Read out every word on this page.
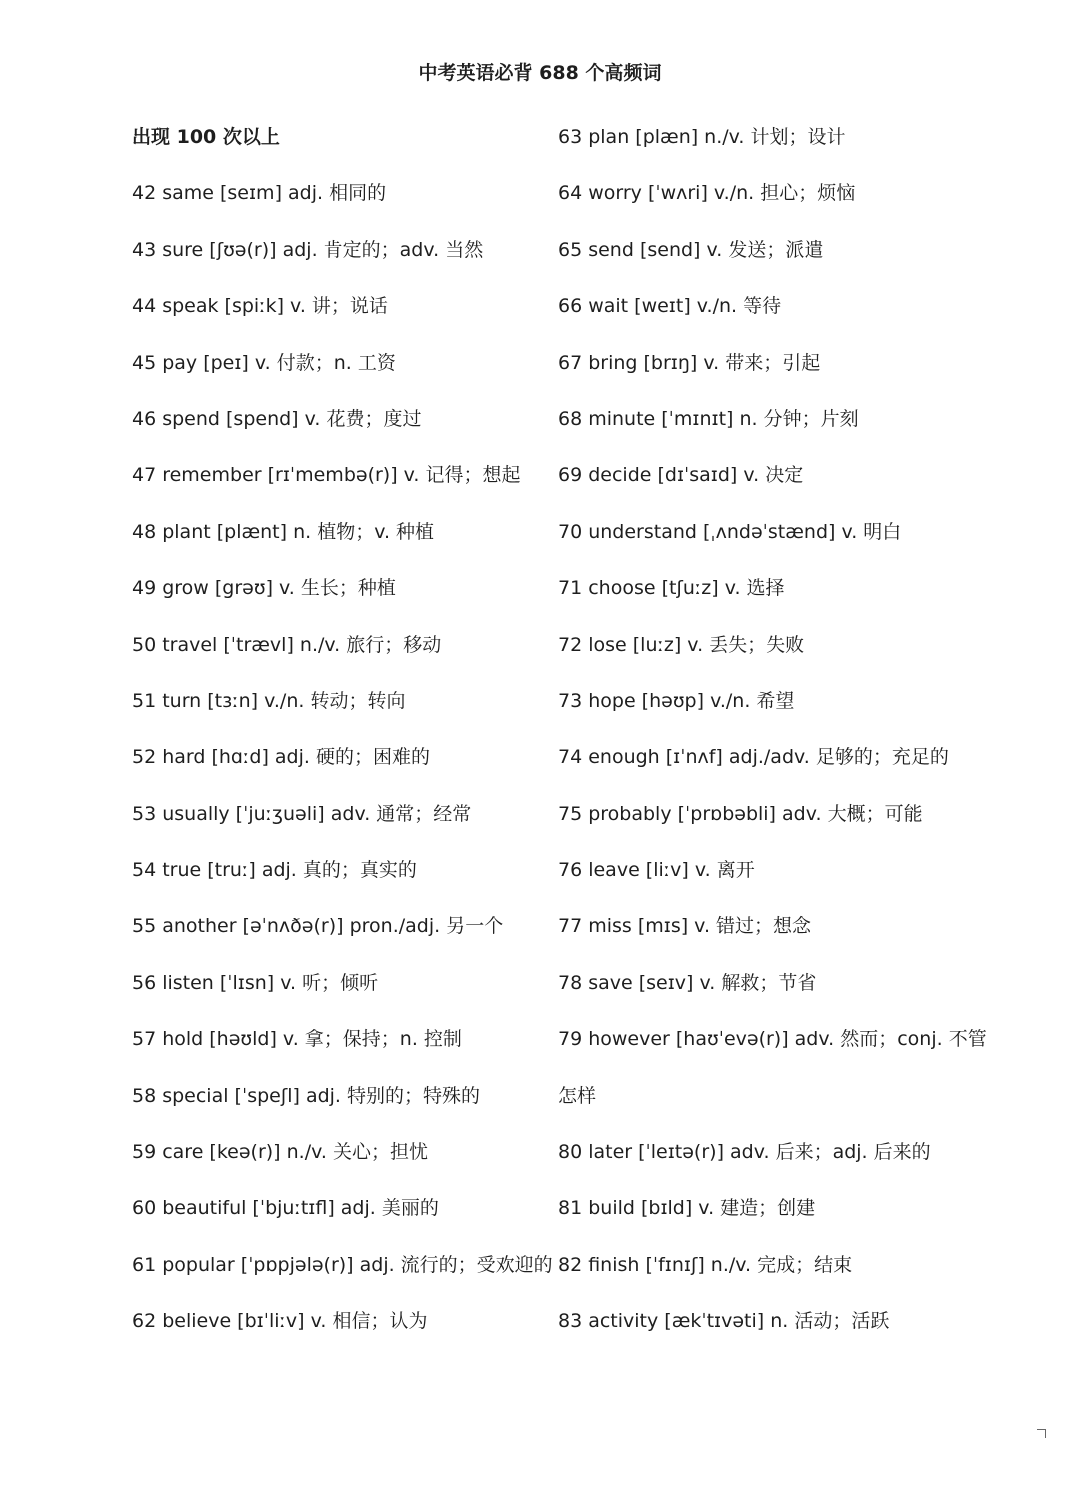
中考英语必背 688 个高频词
出现 100 次以上
42 same [seɪm] adj. 相同的
43 sure [ʃʊə(r)] adj. 肯定的；adv. 当然
44 speak [spiːk] v. 讲；说话
45 pay [peɪ] v. 付款；n. 工资
46 spend [spend] v. 花费；度过
47 remember [rɪˈmembə(r)] v. 记得；想起
48 plant [plænt] n. 植物；v. 种植
49 grow [grəʊ] v. 生长；种植
50 travel [ˈtrævl] n./v. 旅行；移动
51 turn [tɜːn] v./n. 转动；转向
52 hard [hɑːd] adj. 硬的；困难的
53 usually [ˈjuːʒuəli] adv. 通常；经常
54 true [truː] adj. 真的；真实的
55 another [əˈnʌðə(r)] pron./adj. 另一个
56 listen [ˈlɪsn] v. 听；倾听
57 hold [həʊld] v. 拿；保持；n. 控制
58 special [ˈspeʃl] adj. 特别的；特殊的
59 care [keə(r)] n./v. 关心；担忧
60 beautiful [ˈbjuːtɪfl] adj. 美丽的
61 popular [ˈpɒpjələ(r)] adj. 流行的；受欢迎的
62 believe [bɪˈliːv] v. 相信；认为
63 plan [plæn] n./v. 计划；设计
64 worry [ˈwʌri] v./n. 担心；烦恼
65 send [send] v. 发送；派遣
66 wait [weɪt] v./n. 等待
67 bring [brɪŋ] v. 带来；引起
68 minute [ˈmɪnɪt] n. 分钟；片刻
69 decide [dɪˈsaɪd] v. 决定
70 understand [ˌʌndəˈstænd] v. 明白
71 choose [tʃuːz] v. 选择
72 lose [luːz] v. 丢失；失败
73 hope [həʊp] v./n. 希望
74 enough [ɪˈnʌf] adj./adv. 足够的；充足的
75 probably [ˈprɒbəbli] adv. 大概；可能
76 leave [liːv] v. 离开
77 miss [mɪs] v. 错过；想念
78 save [seɪv] v. 解救；节省
79 however [haʊˈevə(r)] adv. 然而；conj. 不管
怎样
80 later [ˈleɪtə(r)] adv. 后来；adj. 后来的
81 build [bɪld] v. 建造；创建
82 finish [ˈfɪnɪʃ] n./v. 完成；结束
83 activity [ækˈtɪvəti] n. 活动；活跃
